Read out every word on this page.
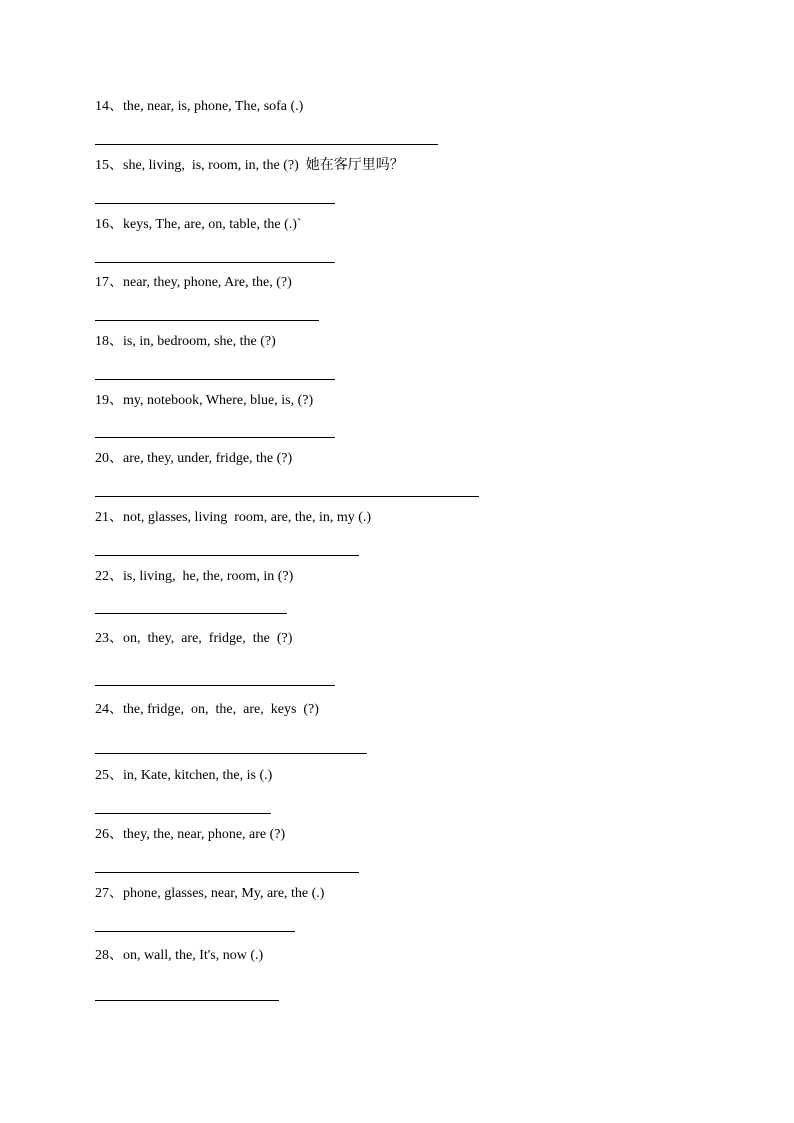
14、the, near, is, phone, The, sofa (.)
15、she, living,  is, room, in, the (?)  她在客厅里吗？
16、keys, The, are, on, table, the (.)`
17、near, they, phone, Are, the, (?)
18、is, in, bedroom, she, the (?)
19、my, notebook, Where, blue, is, (?)
20、are, they, under, fridge, the (?)
21、not, glasses, living  room, are, the, in, my (.)
22、is, living,  he, the, room, in (?)
23、on,  they,  are,  fridge,  the  (?)
24、the, fridge,  on,  the,  are,  keys  (?)
25、in, Kate, kitchen, the, is (.)
26、they, the, near, phone, are (?)
27、phone, glasses, near, My, are, the (.)
28、on, wall, the, It's, now (.)
